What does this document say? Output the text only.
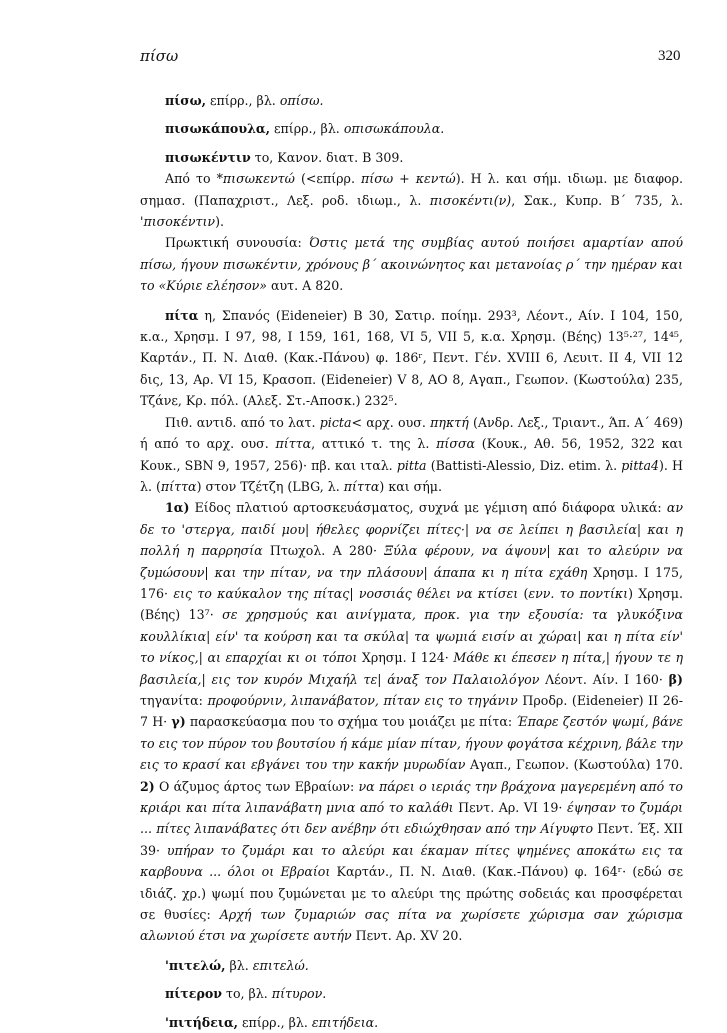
πίσω	320

πίσω, επίρρ., βλ. οπίσω.

πισωκάπουλα, επίρρ., βλ. οπισωκάπουλα.

πισωκέντιν το, Κανον. διατ. Β 309.

Από το *πισωκεντώ (<επίρρ. πίσω + κεντώ). Η λ. και σήμ. ιδιωμ. με διαφορ. σημασ. (Παπαχριστ., Λεξ. ροδ. ιδιωμ., λ. πισοκέντι(ν), Σακ., Κυπρ. Β΄ 735, λ. 'πισοκέντιν).

Πρωκτική συνουσία: Όστις μετά της συμβίας αυτού ποιήσει αμαρτίαν απού πίσω, ήγουν πισωκέντιν, χρόνους β΄ ακοινώνητος και μετανοίας ρ΄ την ημέραν και το «Κύριε ελέησον» αυτ. Α 820.

πίτα η, Σπανός (Eideneier) Β 30, Σατιρ. ποίημ. 293³, Λέοντ., Αίν. Ι 104, 150, κ.α., Χρησμ. Ι 97, 98, Ι 159, 161, 168, VI 5, VII 5, κ.α. Χρησμ. (Βέης) 13⁵·²⁷, 14⁴⁵, Καρτάν., Π. Ν. Διαθ. (Κακ.-Πάνου) φ. 186ʳ, Πεντ. Γέν. XVIII 6, Λευιτ. ΙΙ 4, VII 12 δις, 13, Αρ. VI 15, Κρασοπ. (Eideneier) V 8, ΑΟ 8, Αγαπ., Γεωπον. (Κωστούλα) 235, Τζάνε, Κρ. πόλ. (Αλεξ. Στ.-Αποσκ.) 232⁵.

Πιθ. αντιδ. από το λατ. picta< αρχ. ουσ. πηκτή (Ανδρ. Λεξ., Τριαντ., Άπ. Α΄ 469) ή από το αρχ. ουσ. πίττα, αττικό τ. της λ. πίσσα (Κουκ., Αθ. 56, 1952, 322 και Κουκ., SBN 9, 1957, 256)· πβ. και ιταλ. pitta (Battisti-Alessio, Diz. etim. λ. pitta4). Η λ. (πίττα) στον Τζέτζη (LBG, λ. πίττα) και σήμ.

1α) Είδος πλατιού αρτοσκευάσματος, συχνά με γέμιση από διάφορα υλικά: αν δε το 'στεργα, παιδί μου| ήθελες φορνίζει πίτες·| να σε λείπει η βασιλεία| και η πολλή η παρρησία Πτωχολ. Α 280· Ξύλα φέρουν, να άψουν| και το αλεύριν να ζυμώσουν| και την πίταν, να την πλάσουν| άπαπα κι η πίτα εχάθη Χρησμ. Ι 175, 176· εις το καύκαλον της πίτας| νοσσιάς θέλει να κτίσει (ενν. το ποντίκι) Χρησμ. (Βέης) 13⁷· σε χρησμούς και αινίγματα, προκ. για την εξουσία: τα γλυκόξινα κουλλίκια| είν' τα κούρση και τα σκύλα| τα ψωμιά εισίν αι χώραι| και η πίτα είν' το νίκος,| αι επαρχίαι κι οι τόποι Χρησμ. Ι 124· Μάθε κι έπεσεν η πίτα,| ήγουν τε η βασιλεία,| εις τον κυρόν Μιχαήλ τε| άναξ τον Παλαιολόγον Λέοντ. Αίν. Ι 160· β) τηγανίτα: προφούρνιν, λιπανάβατον, πίταν εις το τηγάνιν Προδρ. (Eideneier) ΙΙ 26-7 Η· γ) παρασκεύασμα που το σχήμα του μοιάζει με πίτα: Έπαρε ζεστόν ψωμί, βάνε το εις τον πύρον του βουτσίου ή κάμε μίαν πίταν, ήγουν φογάτσα κέχρινη, βάλε την εις το κρασί και εβγάνει του την κακήν μυρωδίαν Αγαπ., Γεωπον. (Κωστούλα) 170. 2) Ο άζυμος άρτος των Εβραίων: να πάρει ο ιεριάς την βράχονα μαγερεμένη από το κριάρι και πίτα λιπανάβατη μνια από το καλάθι Πεντ. Αρ. VI 19· έψησαν το ζυμάρι ... πίτες λιπανάβατες ότι δεν ανέβην ότι εδιώχθησαν από την Αίγυφτο Πεντ. Έξ. ΧΙΙ 39· υπήραν το ζυμάρι και το αλεύρι και έκαμαν πίτες ψημένες αποκάτω εις τα καρβουνα ... όλοι οι Εβραίοι Καρτάν., Π. Ν. Διαθ. (Κακ.-Πάνου) φ. 164ʳ· (εδώ σε ιδιάζ. χρ.) ψωμί που ζυμώνεται με το αλεύρι της πρώτης σοδειάς και προσφέρεται σε θυσίες: Αρχή των ζυμαριών σας πίτα να χωρίσετε χώρισμα σαν χώρισμα αλωνιού έτσι να χωρίσετε αυτήν Πεντ. Αρ. XV 20.

'πιτελώ, βλ. επιτελώ.

πίτερον το, βλ. πίτυρον.

'πιτήδεια, επίρρ., βλ. επιτήδεια.
